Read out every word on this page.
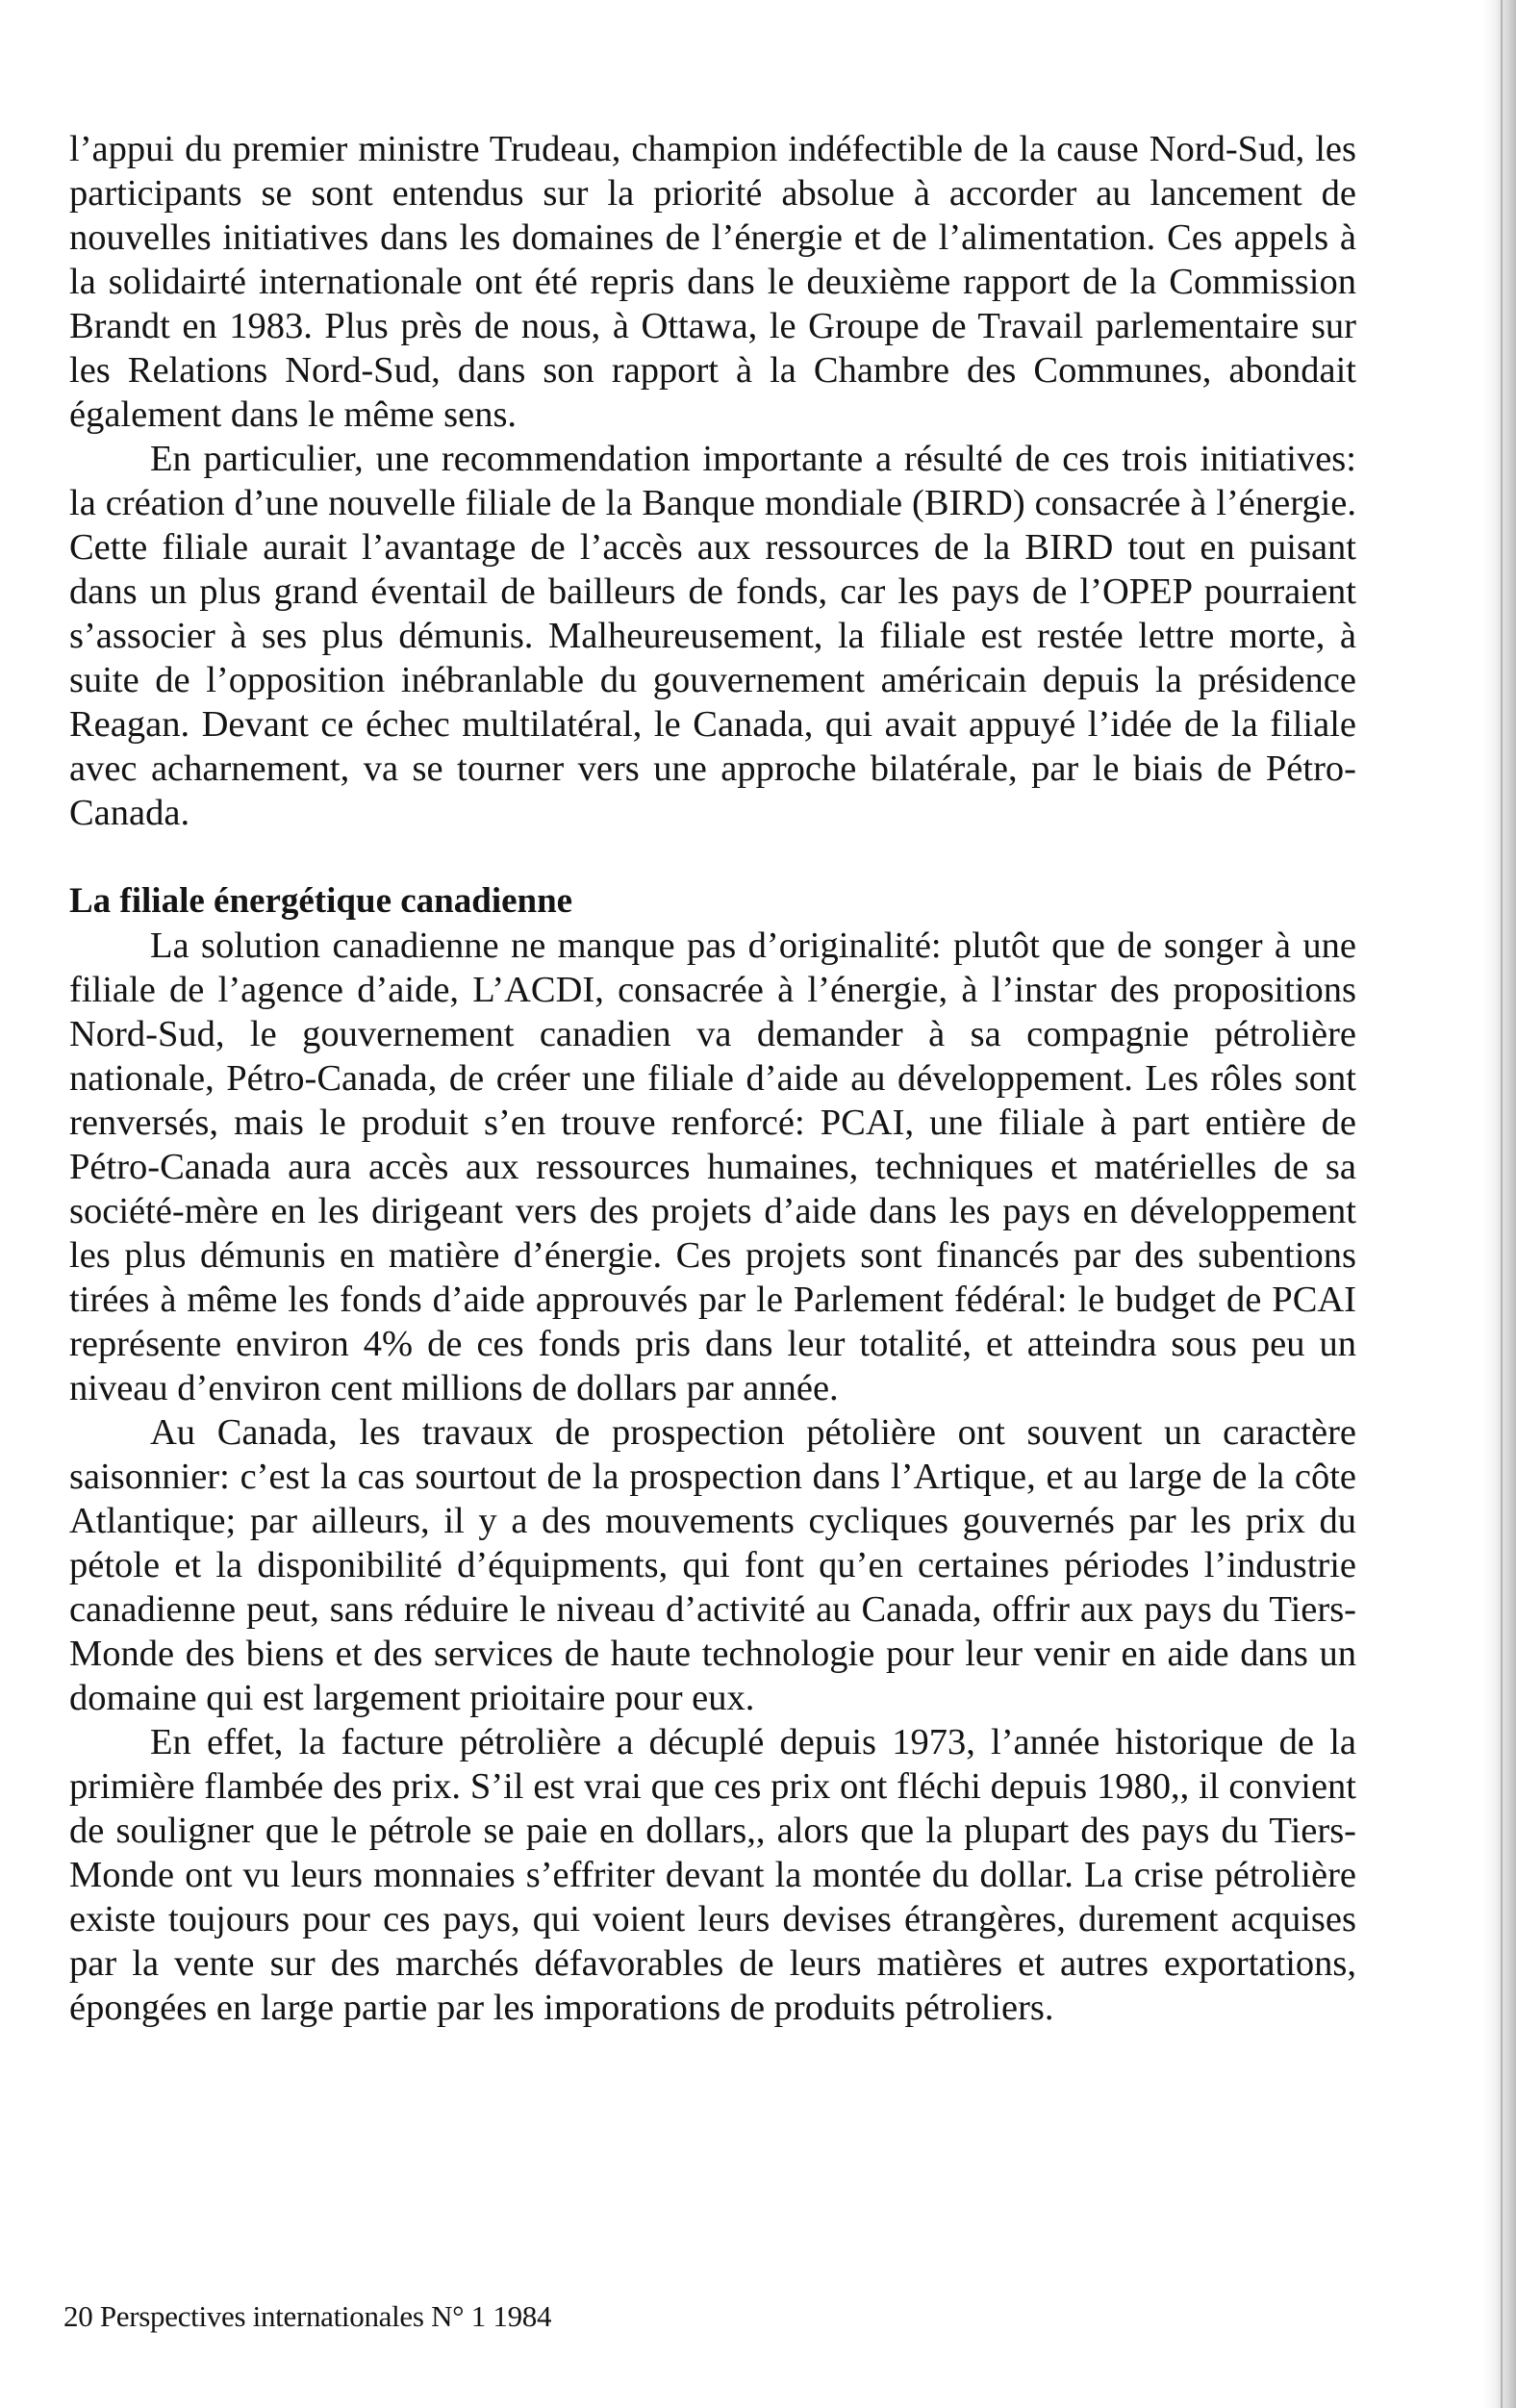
l’appui du premier ministre Trudeau, champion indéfectible de la cause Nord-Sud, les participants se sont entendus sur la priorité absolue à accorder au lancement de nouvelles initiatives dans les domaines de l’énergie et de l’alimentation. Ces appels à la solidairté internationale ont été repris dans le deuxième rapport de la Commission Brandt en 1983. Plus près de nous, à Ottawa, le Groupe de Travail parlementaire sur les Relations Nord-Sud, dans son rapport à la Chambre des Communes, abondait également dans le même sens.

En particulier, une recommendation importante a résulté de ces trois initiatives: la création d’une nouvelle filiale de la Banque mondiale (BIRD) consacrée à l’énergie. Cette filiale aurait l’avantage de l’accès aux ressources de la BIRD tout en puisant dans un plus grand éventail de bailleurs de fonds, car les pays de l’OPEP pourraient s’associer à ses plus démunis. Malheureusement, la filiale est restée lettre morte, à suite de l’opposition inébranlable du gouvernement américain depuis la présidence Reagan. Devant ce échec multilatéral, le Canada, qui avait appuyé l’idée de la filiale avec acharnement, va se tourner vers une approche bilatérale, par le biais de Pétro-Canada.

La filiale énergétique canadienne

La solution canadienne ne manque pas d’originalité: plutôt que de songer à une filiale de l’agence d’aide, L’ACDI, consacrée à l’énergie, à l’instar des propositions Nord-Sud, le gouvernement canadien va demander à sa compagnie pétrolière nationale, Pétro-Canada, de créer une filiale d’aide au développement. Les rôles sont renversés, mais le produit s’en trouve renforcé: PCAI, une filiale à part entière de Pétro-Canada aura accès aux ressources humaines, techniques et matérielles de sa société-mère en les dirigeant vers des projets d’aide dans les pays en développement les plus démunis en matière d’énergie. Ces projets sont financés par des subentions tirées à même les fonds d’aide approuvés par le Parlement fédéral: le budget de PCAI représente environ 4% de ces fonds pris dans leur totalité, et atteindra sous peu un niveau d’environ cent millions de dollars par année.

Au Canada, les travaux de prospection pétolière ont souvent un caractère saisonnier: c’est la cas sourtout de la prospection dans l’Artique, et au large de la côte Atlantique; par ailleurs, il y a des mouvements cycliques gouvernés par les prix du pétole et la disponibilité d’équipments, qui font qu’en certaines périodes l’industrie canadienne peut, sans réduire le niveau d’activité au Canada, offrir aux pays du Tiers-Monde des biens et des services de haute technologie pour leur venir en aide dans un domaine qui est largement prioitaire pour eux.

En effet, la facture pétrolière a décuplé depuis 1973, l’année historique de la primière flambée des prix. S’il est vrai que ces prix ont fléchi depuis 1980,, il convient de souligner que le pétrole se paie en dollars,, alors que la plupart des pays du Tiers-Monde ont vu leurs monnaies s’effriter devant la montée du dollar. La crise pétrolière existe toujours pour ces pays, qui voient leurs devises étrangères, durement acquises par la vente sur des marchés défavorables de leurs matières et autres exportations, épongées en large partie par les imporations de produits pétroliers.

20 Perspectives internationales N° 1 1984
